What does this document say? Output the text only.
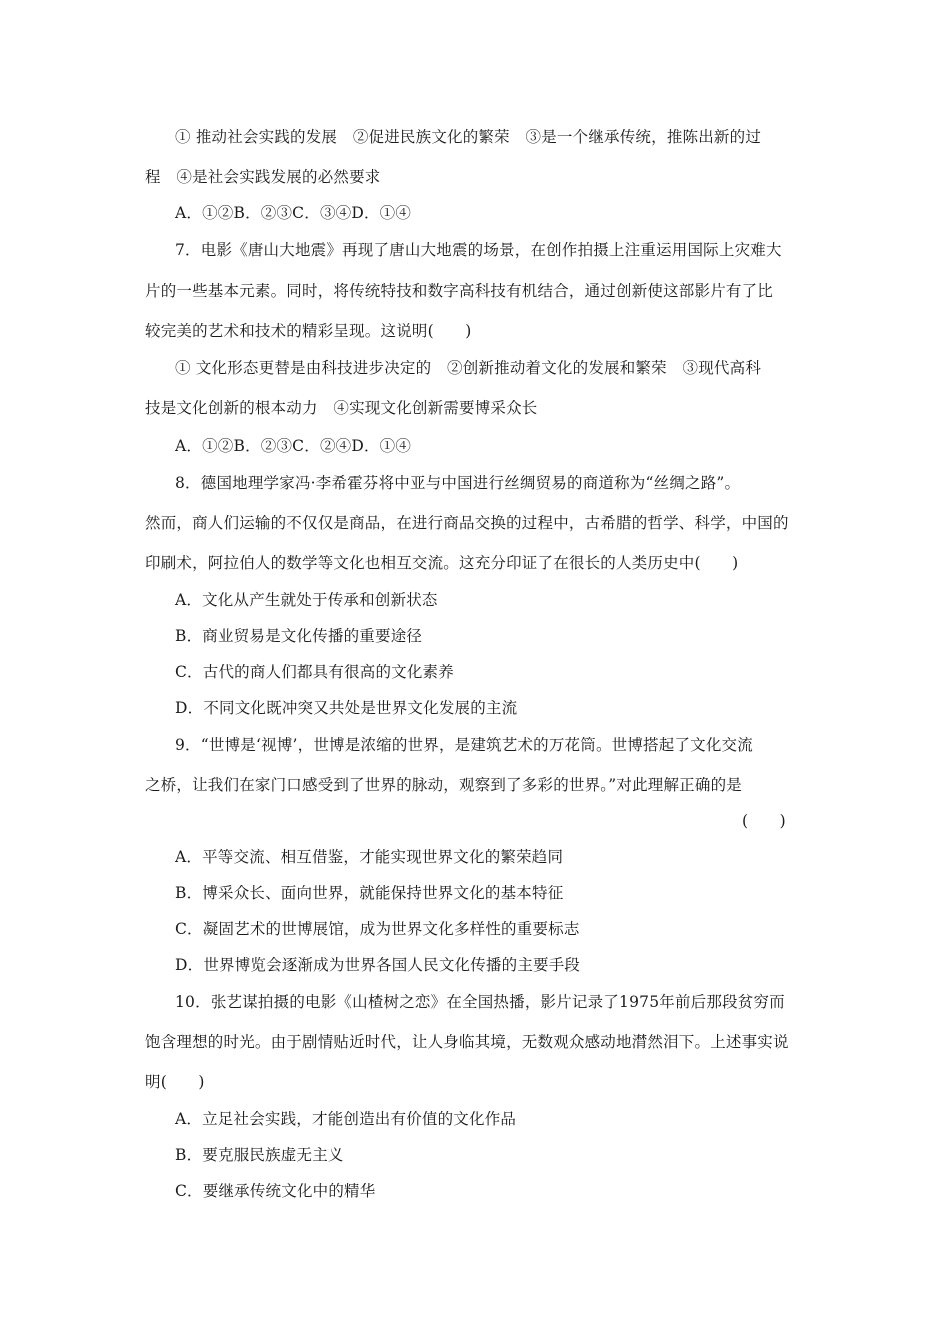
① 推动社会实践的发展　②促进民族文化的繁荣　③是一个继承传统，推陈出新的过
程　④是社会实践发展的必然要求
A．①②B．②③C．③④D．①④
7．电影《唐山大地震》再现了唐山大地震的场景，在创作拍摄上注重运用国际上灾难大
片的一些基本元素。同时，将传统特技和数字高科技有机结合，通过创新使这部影片有了比
较完美的艺术和技术的精彩呈现。这说明(　　)
① 文化形态更替是由科技进步决定的　②创新推动着文化的发展和繁荣　③现代高科
技是文化创新的根本动力　④实现文化创新需要博采众长
A．①②B．②③C．②④D．①④
8．德国地理学家冯·李希霍芬将中亚与中国进行丝绸贸易的商道称为“丝绸之路”。
然而，商人们运输的不仅仅是商品，在进行商品交换的过程中，古希腊的哲学、科学，中国的
印刷术，阿拉伯人的数学等文化也相互交流。这充分印证了在很长的人类历史中(　　)
A．文化从产生就处于传承和创新状态
B．商业贸易是文化传播的重要途径
C．古代的商人们都具有很高的文化素养
D．不同文化既冲突又共处是世界文化发展的主流
9．“世博是‘视博’，世博是浓缩的世界，是建筑艺术的万花筒。世博搭起了文化交流
之桥，让我们在家门口感受到了世界的脉动，观察到了多彩的世界。”对此理解正确的是
(　　)
A．平等交流、相互借鉴，才能实现世界文化的繁荣趋同
B．博采众长、面向世界，就能保持世界文化的基本特征
C．凝固艺术的世博展馆，成为世界文化多样性的重要标志
D．世界博览会逐渐成为世界各国人民文化传播的主要手段
10．张艺谋拍摄的电影《山楂树之恋》在全国热播，影片记录了1975年前后那段贫穷而
饱含理想的时光。由于剧情贴近时代，让人身临其境，无数观众感动地潸然泪下。上述事实说
明(　　)
A．立足社会实践，才能创造出有价值的文化作品
B．要克服民族虚无主义
C．要继承传统文化中的精华
